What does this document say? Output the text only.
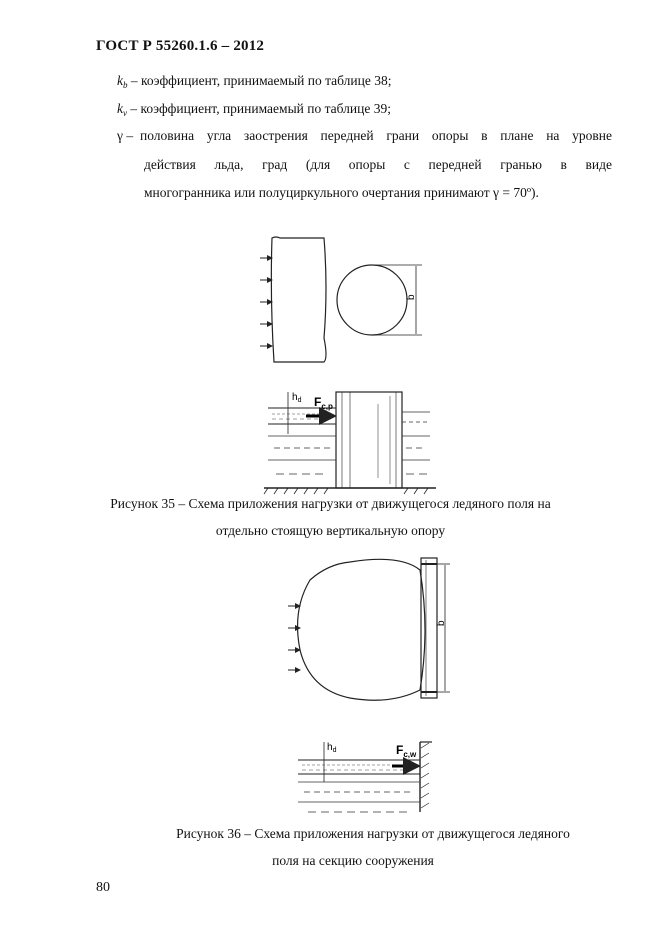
ГОСТ Р 55260.1.6 – 2012
$k_b$ – коэффициент, принимаемый по таблице 38;
$k_v$ – коэффициент, принимаемый по таблице 39;
γ – половина угла заострения передней грани опоры в плане на уровне
действия льда, град (для опоры с передней гранью в виде
многогранника или полуциркульного очертания принимают γ = 70º).
b
$h_d$ $F_{c,p}$
Рисунок 35 – Схема приложения нагрузки от движущегося ледяного поля на
отдельно стоящую вертикальную опору
b
$h_d$	$F_{c,w}$
Рисунок 36 – Схема приложения нагрузки от движущегося ледяного
поля на секцию сооружения
80
